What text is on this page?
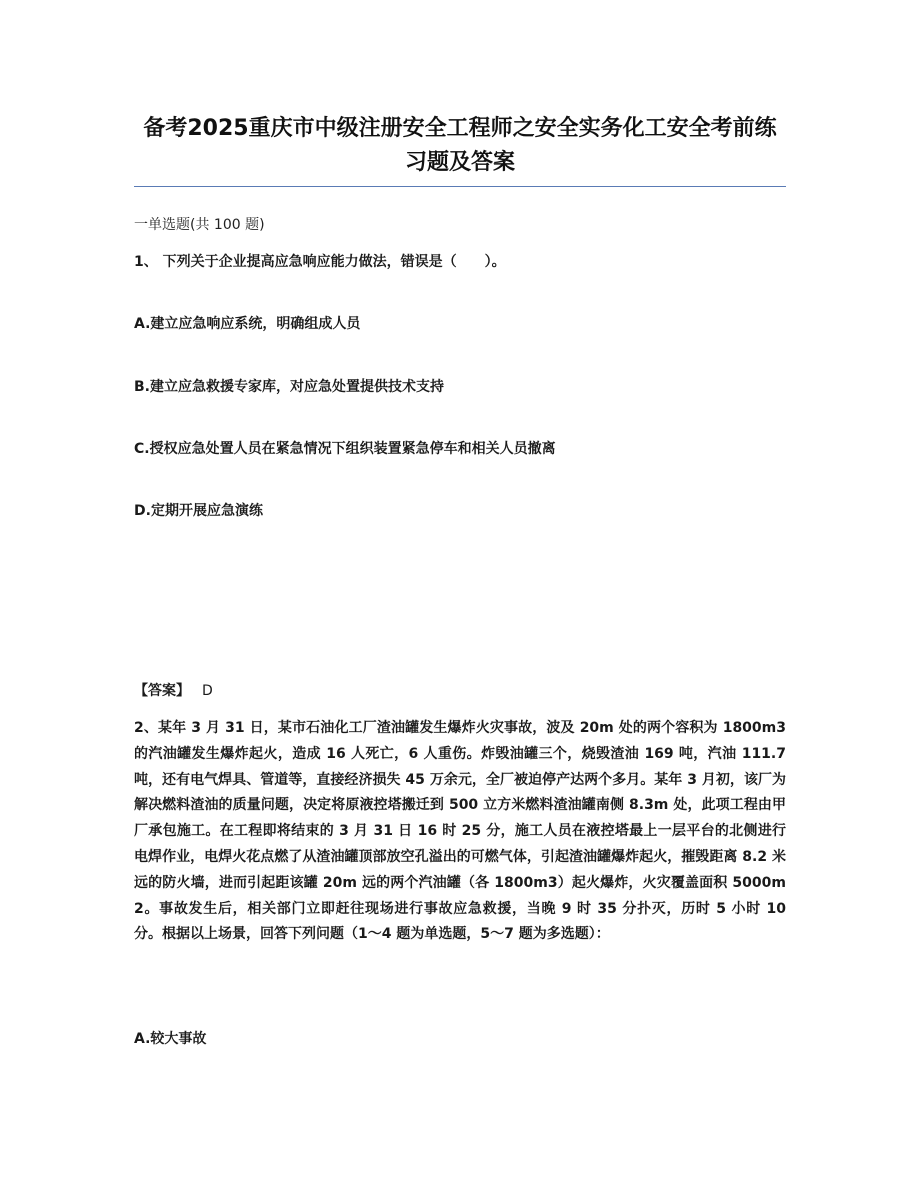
备考2025重庆市中级注册安全工程师之安全实务化工安全考前练习题及答案
一单选题(共 100 题)
1、 下列关于企业提高应急响应能力做法，错误是（　　）。
A.建立应急响应系统，明确组成人员
B.建立应急救援专家库，对应急处置提供技术支持
C.授权应急处置人员在紧急情况下组织装置紧急停车和相关人员撤离
D.定期开展应急演练
【答案】 D
2、某年 3 月 31 日，某市石油化工厂渣油罐发生爆炸火灾事故，波及 20m 处的两个容积为 1800m3 的汽油罐发生爆炸起火，造成 16 人死亡，6 人重伤。炸毁油罐三个，烧毁渣油 169 吨，汽油 111.7 吨，还有电气焊具、管道等，直接经济损失 45 万余元，全厂被迫停产达两个多月。某年 3 月初，该厂为解决燃料渣油的质量问题，决定将原液控塔搬迁到 500 立方米燃料渣油罐南侧 8.3m 处，此项工程由甲厂承包施工。在工程即将结束的 3 月 31 日 16 时 25 分，施工人员在液控塔最上一层平台的北侧进行电焊作业，电焊火花点燃了从渣油罐顶部放空孔溢出的可燃气体，引起渣油罐爆炸起火，摧毁距离 8.2 米远的防火墙，进而引起距该罐 20m 远的两个汽油罐（各 1800m3）起火爆炸，火灾覆盖面积 5000m2。事故发生后，相关部门立即赶往现场进行事故应急救援，当晚 9 时 35 分扑灭，历时 5 小时 10 分。根据以上场景，回答下列问题（1～4 题为单选题，5～7 题为多选题）：
A.较大事故
